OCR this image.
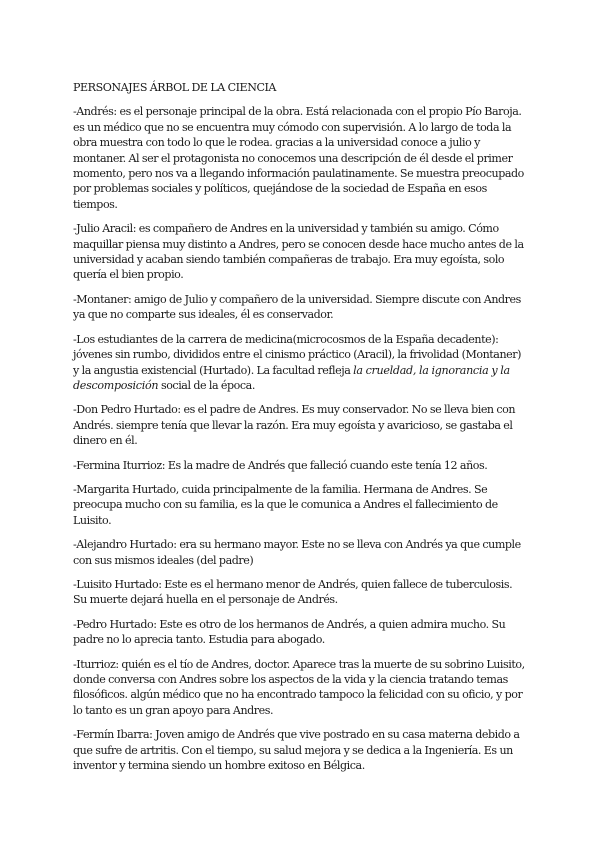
PERSONAJES ÁRBOL DE LA CIENCIA

-Andrés: es el personaje principal de la obra. Está relacionada con el propio Pío Baroja. es un médico que no se encuentra muy cómodo con supervisión. A lo largo de toda la obra muestra con todo lo que le rodea. gracias a la universidad conoce a julio y montaner. Al ser el protagonista no conocemos una descripción de él desde el primer momento, pero nos va a llegando información paulatinamente. Se muestra preocupado por problemas sociales y políticos, quejándose de la sociedad de España en esos tiempos.

-Julio Aracil: es compañero de Andres en la universidad y también su amigo. Cómo maquillar piensa muy distinto a Andres, pero se conocen desde hace mucho antes de la universidad y acaban siendo también compañeras de trabajo. Era muy egoísta, solo quería el bien propio.

-Montaner: amigo de Julio y compañero de la universidad. Siempre discute con Andres ya que no comparte sus ideales, él es conservador.

-Los estudiantes de la carrera de medicina(microcosmos de la España decadente): jóvenes sin rumbo, divididos entre el cinismo práctico (Aracil), la frivolidad (Montaner) y la angustia existencial (Hurtado). La facultad refleja la crueldad, la ignorancia y la descomposición social de la época.

-Don Pedro Hurtado: es el padre de Andres. Es muy conservador. No se lleva bien con Andrés. siempre tenía que llevar la razón. Era muy egoísta y avaricioso, se gastaba el dinero en él.

-Fermina Iturrioz: Es la madre de Andrés que falleció cuando este tenía 12 años.

-Margarita Hurtado, cuida principalmente de la familia. Hermana de Andres. Se preocupa mucho con su familia, es la que le comunica a Andres el fallecimiento de Luisito.

-Alejandro Hurtado: era su hermano mayor. Este no se lleva con Andrés ya que cumple con sus mismos ideales (del padre)

-Luisito Hurtado: Este es el hermano menor de Andrés, quien fallece de tuberculosis. Su muerte dejará huella en el personaje de Andrés.

-Pedro Hurtado: Este es otro de los hermanos de Andrés, a quien admira mucho. Su padre no lo aprecia tanto. Estudia para abogado.

-Iturrioz: quién es el tío de Andres, doctor. Aparece tras la muerte de su sobrino Luisito, donde conversa con Andres sobre los aspectos de la vida y la ciencia tratando temas filosóficos. algún médico que no ha encontrado tampoco la felicidad con su oficio, y por lo tanto es un gran apoyo para Andres.

-Fermín Ibarra: Joven amigo de Andrés que vive postrado en su casa materna debido a que sufre de artritis. Con el tiempo, su salud mejora y se dedica a la Ingeniería. Es un inventor y termina siendo un hombre exitoso en Bélgica.
